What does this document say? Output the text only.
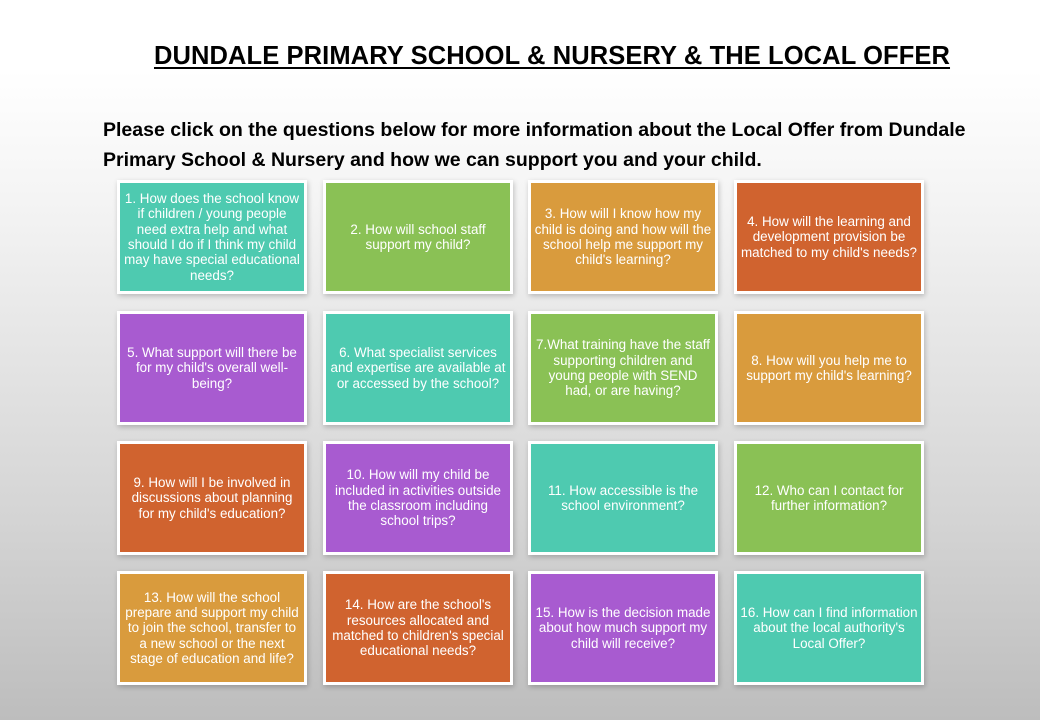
DUNDALE PRIMARY SCHOOL & NURSERY & THE LOCAL OFFER

Please click on the questions below for more information about the Local Offer from Dundale Primary School & Nursery and how we can support you and your child.

1. How does the school know if children / young people need extra help and what should I do if I think my child may have special educational needs?
2. How will school staff support my child?
3. How will I know how my child is doing and how will the school help me support my child's learning?
4. How will the learning and development provision be matched to my child's needs?
5. What support will there be for my child's overall well-being?
6. What specialist services and expertise are available at or accessed by the school?
7.What training have the staff supporting children and young people with SEND had, or are having?
8. How will you help me to support my child's learning?
9. How will I be involved in discussions about planning for my child's education?
10. How will my child be included in activities outside the classroom including school trips?
11. How accessible is the school environment?
12. Who can I contact for further information?
13. How will the school prepare and support my child to join the school, transfer to a new school or the next stage of education and life?
14. How are the school's resources allocated and matched to children's special educational needs?
15. How is the decision made about how much support my child will receive?
16. How can I find information about the local authority's Local Offer?
